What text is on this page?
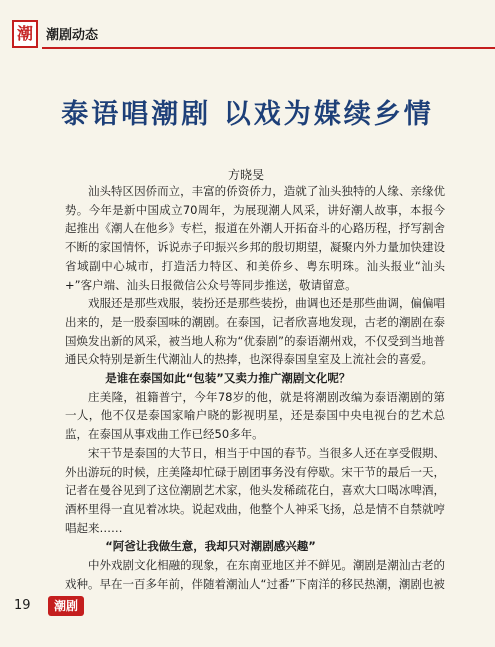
潮	潮剧动态
泰语唱潮剧 以戏为媒续乡情
方晓旻

汕头特区因侨而立，丰富的侨资侨力，造就了汕头独特的人缘、亲缘优势。今年是新中国成立70周年，为展现潮人风采，讲好潮人故事，本报今起推出《潮人在他乡》专栏，报道在外潮人开拓奋斗的心路历程，抒写割舍不断的家国情怀，诉说赤子印振兴乡邦的殷切期望，凝聚内外力量加快建设省域副中心城市，打造活力特区、和美侨乡、粤东明珠。汕头报业“汕头+”客户端、汕头日报微信公众号等同步推送，敬请留意。

戏服还是那些戏服，装扮还是那些装扮，曲调也还是那些曲调，偏偏唱出来的，是一股泰国味的潮剧。在泰国，记者欣喜地发现，古老的潮剧在泰国焕发出新的风采，被当地人称为“优泰剧”的泰语潮州戏，不仅受到当地普通民众特别是新生代潮汕人的热捧，也深得泰国皇室及上流社会的喜爱。

是谁在泰国如此“包装”又卖力推广潮剧文化呢？

庄美隆，祖籍普宁，今年78岁的他，就是将潮剧改编为泰语潮剧的第一人，他不仅是泰国家喻户晓的影视明星，还是泰国中央电视台的艺术总监，在泰国从事戏曲工作已经50多年。

宋干节是泰国的大节日，相当于中国的春节。当很多人还在享受假期、外出游玩的时候，庄美隆却忙碌于剧团事务没有停歇。宋干节的最后一天，记者在曼谷见到了这位潮剧艺术家，他头发稀疏花白，喜欢大口喝冰啤酒，酒杯里得一直见着冰块。说起戏曲，他整个人神采飞扬，总是情不自禁就哼唱起来……

“阿爸让我做生意，我却只对潮剧感兴趣”

中外戏剧文化相融的现象，在东南亚地区并不鲜见。潮剧是潮汕古老的戏种。早在一百多年前，伴随着潮汕人“过番”下南洋的移民热潮，潮剧也被

19	潮剧
